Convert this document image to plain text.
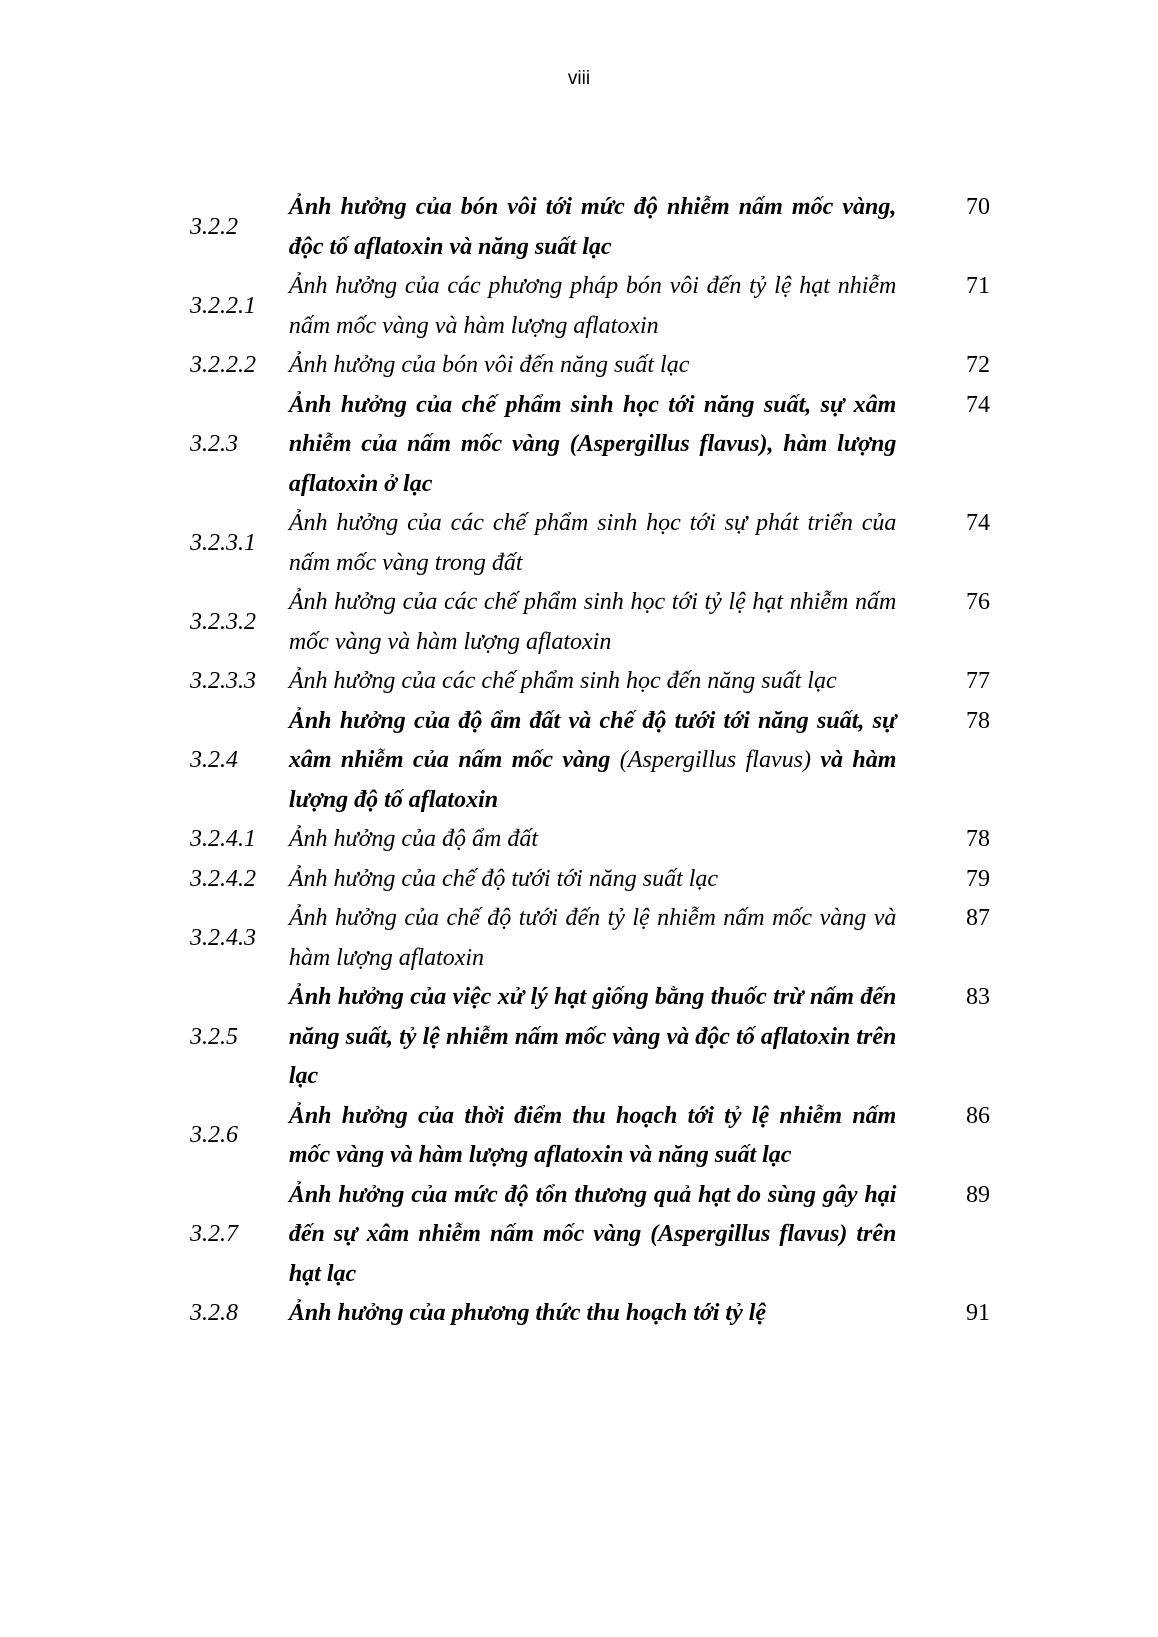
viii
3.2.2	Ảnh hưởng của bón vôi tới mức độ nhiễm nấm mốc vàng, độc tố aflatoxin và năng suất lạc	70
3.2.2.1	Ảnh hưởng của các phương pháp bón vôi đến tỷ lệ hạt nhiễm nấm mốc vàng và hàm lượng aflatoxin	71
3.2.2.2	Ảnh hưởng của bón vôi đến năng suất lạc	72
3.2.3	Ảnh hưởng của chế phẩm sinh học tới năng suất, sự xâm nhiễm của nấm mốc vàng (Aspergillus flavus), hàm lượng aflatoxin ở lạc	74
3.2.3.1	Ảnh hưởng của các chế phẩm sinh học tới sự phát triển của nấm mốc vàng trong đất	74
3.2.3.2	Ảnh hưởng của các chế phẩm sinh học tới tỷ lệ hạt nhiễm nấm mốc vàng và hàm lượng aflatoxin	76
3.2.3.3	Ảnh hưởng của các chế phẩm sinh học đến năng suất lạc	77
3.2.4	Ảnh hưởng của độ ẩm đất và chế độ tưới tới năng suất, sự xâm nhiễm của nấm mốc vàng (Aspergillus flavus) và hàm lượng độ tố aflatoxin	78
3.2.4.1	Ảnh hưởng của độ ẩm đất	78
3.2.4.2	Ảnh hưởng của chế độ tưới tới năng suất lạc	79
3.2.4.3	Ảnh hưởng của chế độ tưới đến tỷ lệ nhiễm nấm mốc vàng và hàm lượng aflatoxin	87
3.2.5	Ảnh hưởng của việc xử lý hạt giống bằng thuốc trừ nấm đến năng suất, tỷ lệ nhiễm nấm mốc vàng và độc tố aflatoxin trên lạc	83
3.2.6	Ảnh hưởng của thời điểm thu hoạch tới tỷ lệ nhiễm nấm mốc vàng và hàm lượng aflatoxin và năng suất lạc	86
3.2.7	Ảnh hưởng của mức độ tổn thương quả hạt do sùng gây hại đến sự xâm nhiễm nấm mốc vàng (Aspergillus flavus) trên hạt lạc	89
3.2.8	Ảnh hưởng của phương thức thu hoạch tới tỷ lệ	91
